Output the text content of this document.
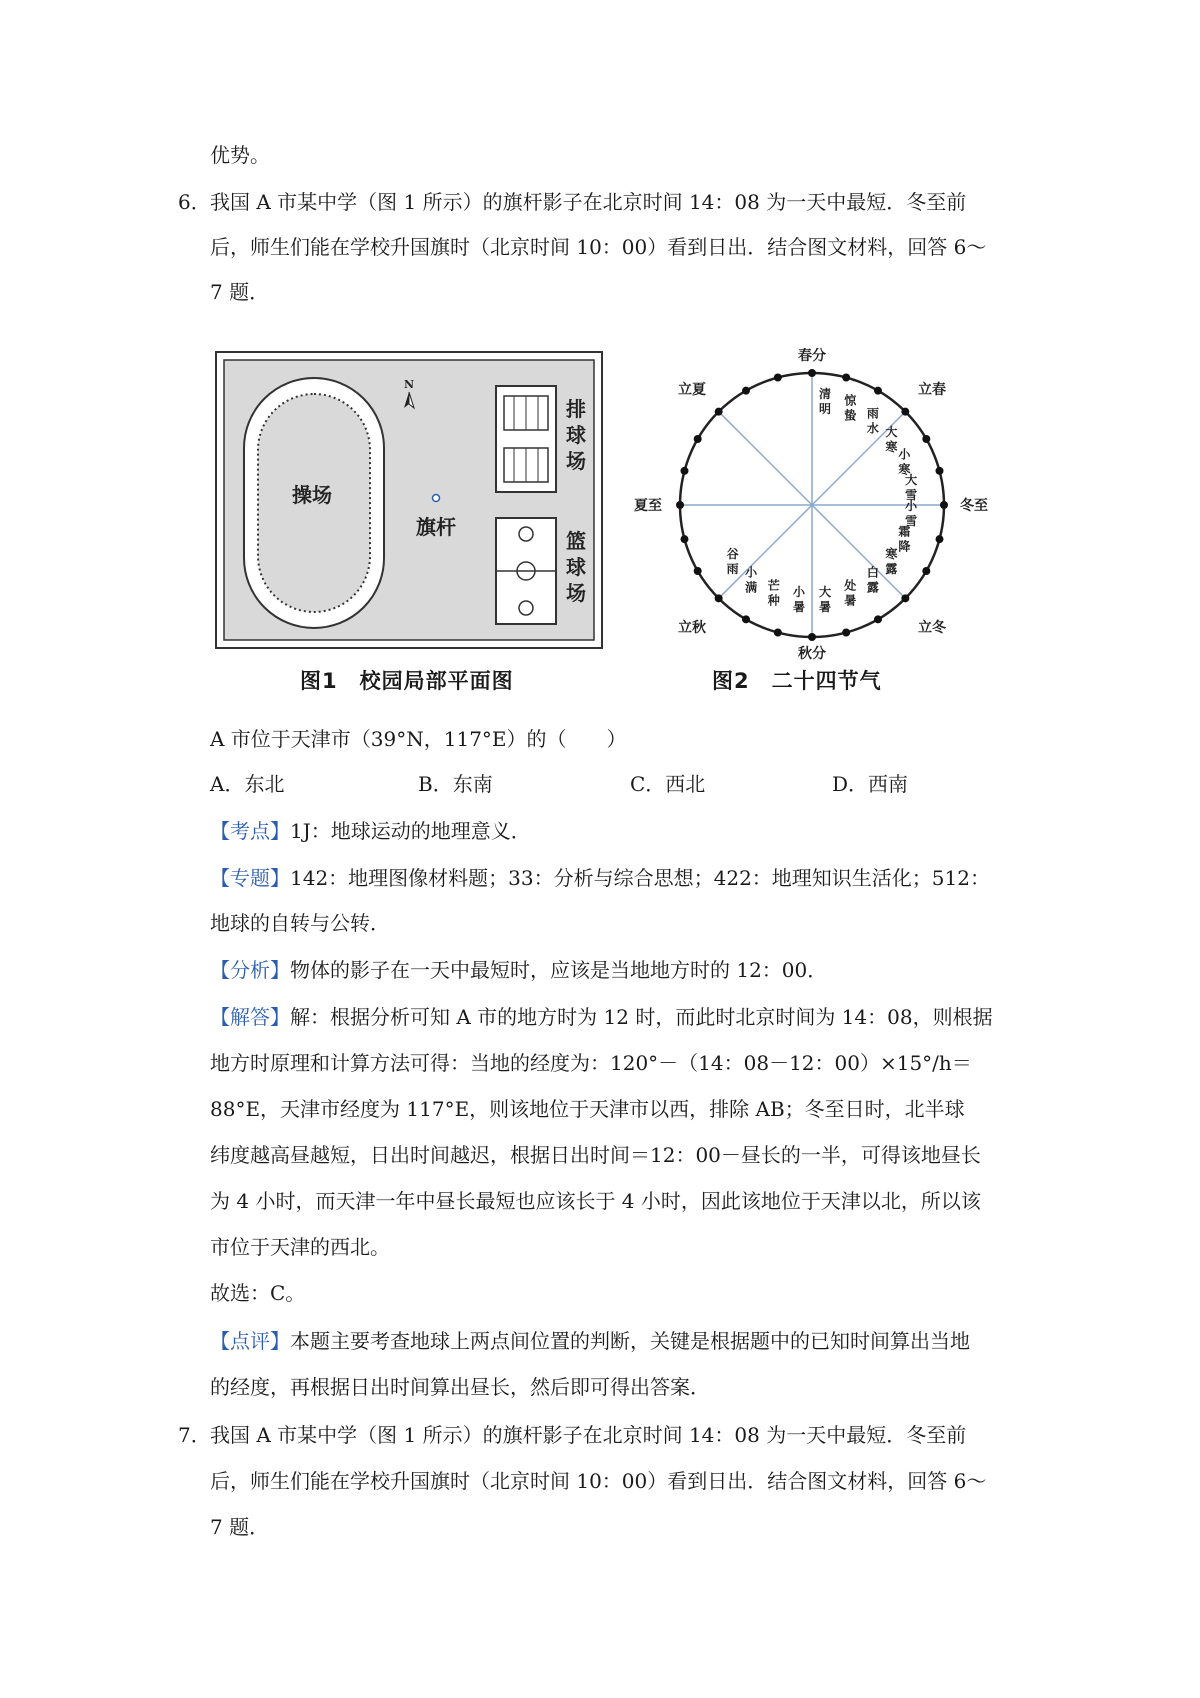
优势。
6． 我国 A 市某中学（图 1 所示）的旗杆影子在北京时间 14：08 为一天中最短．冬至前
后，师生们能在学校升国旗时（北京时间 10：00）看到日出．结合图文材料，回答 6～
7 题．
操场
N
旗杆
排
球
场
篮
球
场
图1　校园局部平面图
春分
秋分
夏至	冬至
立夏	立春
立秋	立冬
清明
惊蛰 雨水 大寒
小寒
大雪
小雪
霜降
寒露
白露
处暑
大暑
小暑
芒种
小满
谷雨
图2　二十四节气
A 市位于天津市（39°N，117°E）的（　　）
A．东北	B．东南	C．西北	D．西南
【考点】1J：地球运动的地理意义．
【专题】142：地理图像材料题；33：分析与综合思想；422：地理知识生活化；512：
地球的自转与公转．
【分析】物体的影子在一天中最短时，应该是当地地方时的 12：00．
【解答】解：根据分析可知 A 市的地方时为 12 时，而此时北京时间为 14：08，则根据
地方时原理和计算方法可得：当地的经度为：120°－（14：08－12：00）×15°/h＝
88°E，天津市经度为 117°E，则该地位于天津市以西，排除 AB；冬至日时，北半球
纬度越高昼越短，日出时间越迟，根据日出时间＝12：00－昼长的一半，可得该地昼长
为 4 小时，而天津一年中昼长最短也应该长于 4 小时，因此该地位于天津以北，所以该
市位于天津的西北。
故选：C。
【点评】本题主要考查地球上两点间位置的判断，关键是根据题中的已知时间算出当地
的经度，再根据日出时间算出昼长，然后即可得出答案．
7． 我国 A 市某中学（图 1 所示）的旗杆影子在北京时间 14：08 为一天中最短．冬至前
后，师生们能在学校升国旗时（北京时间 10：00）看到日出．结合图文材料，回答 6～
7 题．
